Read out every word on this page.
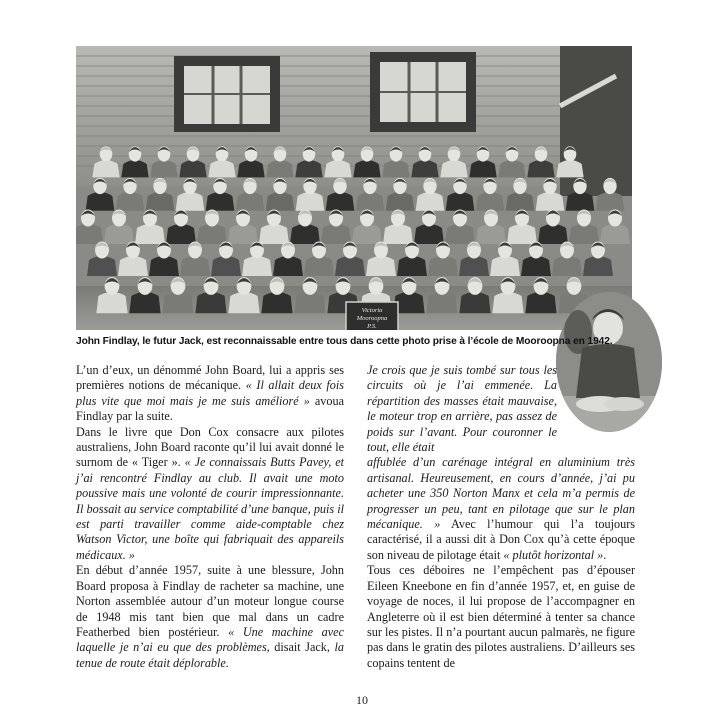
Victoria
Mooroopna
P.S.
John Findlay, le futur Jack, est reconnaissable entre tous dans cette photo prise à l’école de Mooroopna en 1942.

L’un d’eux, un dénommé John Board, lui a appris ses premières notions de mécanique. « Il allait deux fois plus vite que moi mais je me suis amélioré » avoua Findlay par la suite.

Dans le livre que Don Cox consacre aux pilotes australiens, John Board raconte qu’il lui avait donné le surnom de « Tiger ». « Je connaissais Butts Pavey, et j’ai rencontré Findlay au club. Il avait une moto poussive mais une volonté de courir impressionnante. Il bossait au service comptabilité d’une banque, puis il est parti travailler comme aide-comptable chez Watson Victor, une boîte qui fabriquait des appareils médicaux. »

En début d’année 1957, suite à une blessure, John Board proposa à Findlay de racheter sa machine, une Norton assemblée autour d’un moteur longue course de 1948 mis tant bien que mal dans un cadre Featherbed bien postérieur. « Une machine avec laquelle je n’ai eu que des problèmes, disait Jack, la tenue de route était déplorable.

Je crois que je suis tombé sur tous les circuits où je l’ai emmenée. La répartition des masses était mauvaise, le moteur trop en arrière, pas assez de poids sur l’avant. Pour couronner le tout, elle était

affublée d’un carénage intégral en aluminium très artisanal. Heureusement, en cours d’année, j’ai pu acheter une 350 Norton Manx et cela m’a permis de progresser un peu, tant en pilotage que sur le plan mécanique. » Avec l’humour qui l’a toujours caractérisé, il a aussi dit à Don Cox qu’à cette époque son niveau de pilotage était « plutôt horizontal ».

Tous ces déboires ne l’empêchent pas d’épouser Eileen Kneebone en fin d’année 1957, et, en guise de voyage de noces, il lui propose de l’accompagner en Angleterre où il est bien déterminé à tenter sa chance sur les pistes. Il n’a pourtant aucun palmarès, ne figure pas dans le gratin des pilotes australiens. D’ailleurs ses copains tentent de

10
